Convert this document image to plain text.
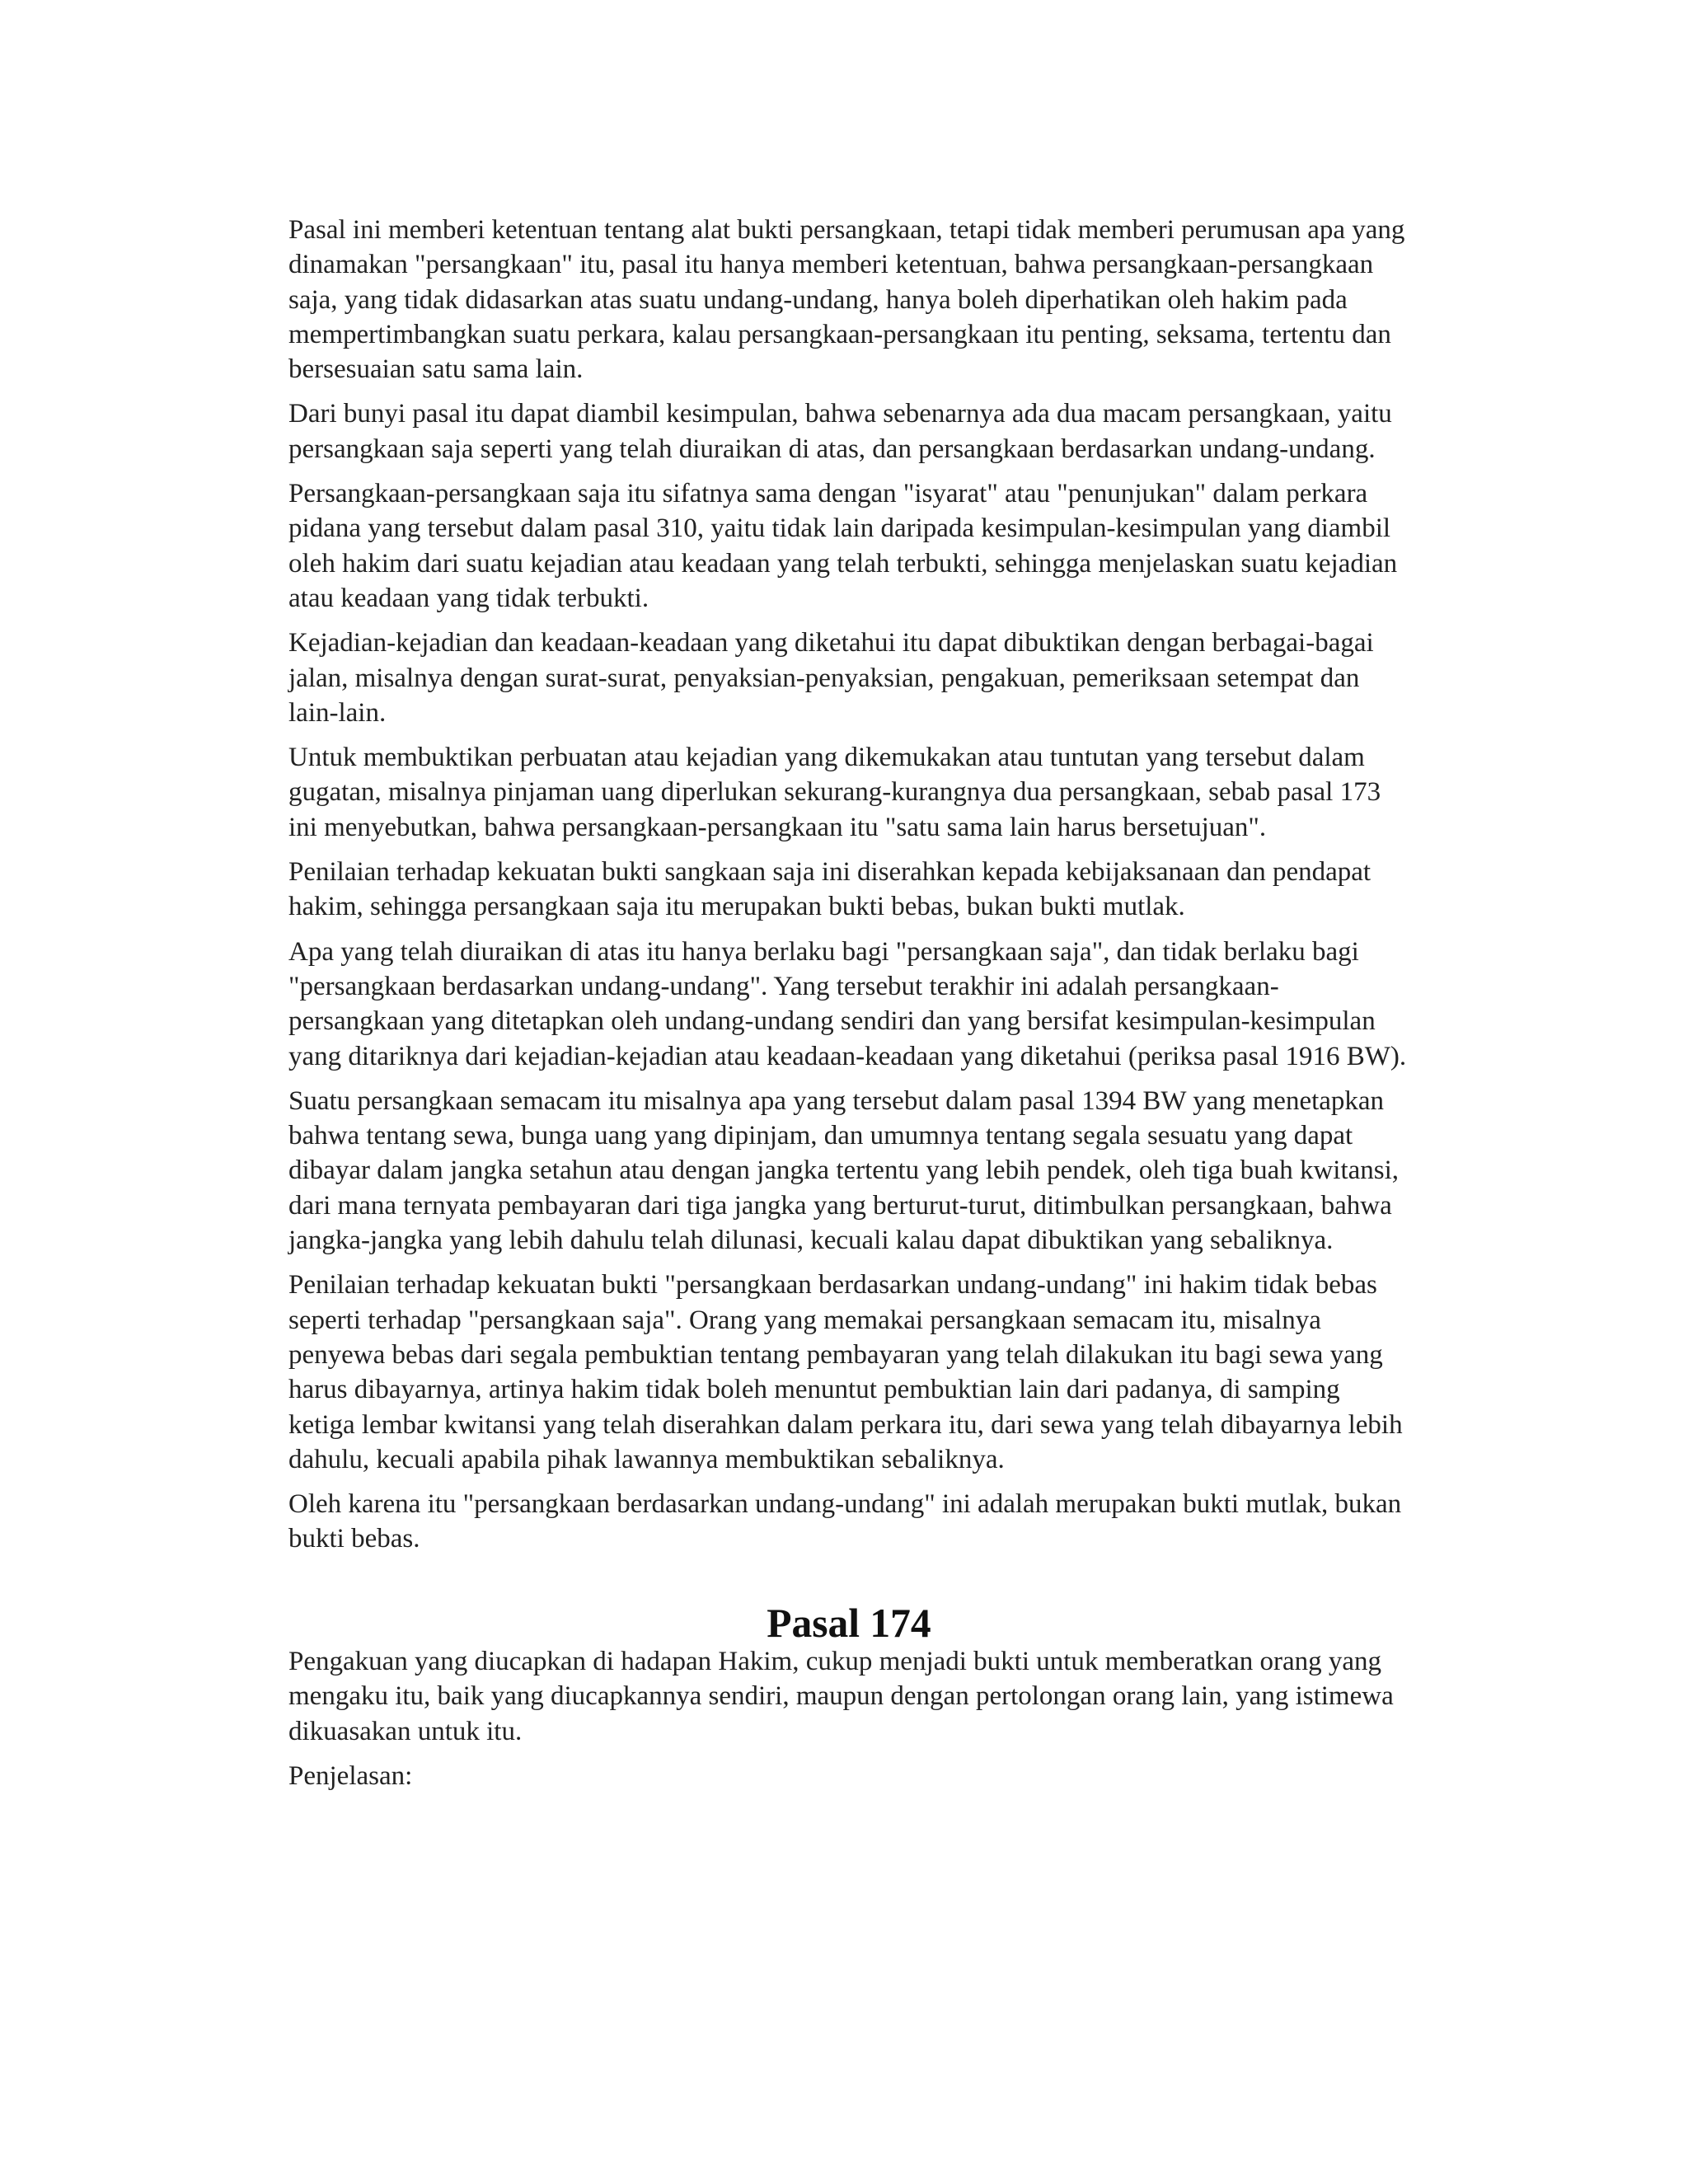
Pasal ini memberi ketentuan tentang alat bukti persangkaan, tetapi tidak memberi perumusan apa yang dinamakan "persangkaan" itu, pasal itu hanya memberi ketentuan, bahwa persangkaan-persangkaan saja, yang tidak didasarkan atas suatu undang-undang, hanya boleh diperhatikan oleh hakim pada mempertimbangkan suatu perkara, kalau persangkaan-persangkaan itu penting, seksama, tertentu dan bersesuaian satu sama lain.

Dari bunyi pasal itu dapat diambil kesimpulan, bahwa sebenarnya ada dua macam persangkaan, yaitu persangkaan saja seperti yang telah diuraikan di atas, dan persangkaan berdasarkan undang-undang.

Persangkaan-persangkaan saja itu sifatnya sama dengan "isyarat" atau "penunjukan" dalam perkara pidana yang tersebut dalam pasal 310, yaitu tidak lain daripada kesimpulan-kesimpulan yang diambil oleh hakim dari suatu kejadian atau keadaan yang telah terbukti, sehingga menjelaskan suatu kejadian atau keadaan yang tidak terbukti.

Kejadian-kejadian dan keadaan-keadaan yang diketahui itu dapat dibuktikan dengan berbagai-bagai jalan, misalnya dengan surat-surat, penyaksian-penyaksian, pengakuan, pemeriksaan setempat dan lain-lain.

Untuk membuktikan perbuatan atau kejadian yang dikemukakan atau tuntutan yang tersebut dalam gugatan, misalnya pinjaman uang diperlukan sekurang-kurangnya dua persangkaan, sebab pasal 173 ini menyebutkan, bahwa persangkaan-persangkaan itu "satu sama lain harus bersetujuan".

Penilaian terhadap kekuatan bukti sangkaan saja ini diserahkan kepada kebijaksanaan dan pendapat hakim, sehingga persangkaan saja itu merupakan bukti bebas, bukan bukti mutlak.

Apa yang telah diuraikan di atas itu hanya berlaku bagi "persangkaan saja", dan tidak berlaku bagi "persangkaan berdasarkan undang-undang". Yang tersebut terakhir ini adalah persangkaan-persangkaan yang ditetapkan oleh undang-undang sendiri dan yang bersifat kesimpulan-kesimpulan yang ditariknya dari kejadian-kejadian atau keadaan-keadaan yang diketahui (periksa pasal 1916 BW).

Suatu persangkaan semacam itu misalnya apa yang tersebut dalam pasal 1394 BW yang menetapkan bahwa tentang sewa, bunga uang yang dipinjam, dan umumnya tentang segala sesuatu yang dapat dibayar dalam jangka setahun atau dengan jangka tertentu yang lebih pendek, oleh tiga buah kwitansi, dari mana ternyata pembayaran dari tiga jangka yang berturut-turut, ditimbulkan persangkaan, bahwa jangka-jangka yang lebih dahulu telah dilunasi, kecuali kalau dapat dibuktikan yang sebaliknya.

Penilaian terhadap kekuatan bukti "persangkaan berdasarkan undang-undang" ini hakim tidak bebas seperti terhadap "persangkaan saja". Orang yang memakai persangkaan semacam itu, misalnya penyewa bebas dari segala pembuktian tentang pembayaran yang telah dilakukan itu bagi sewa yang harus dibayarnya, artinya hakim tidak boleh menuntut pembuktian lain dari padanya, di samping ketiga lembar kwitansi yang telah diserahkan dalam perkara itu, dari sewa yang telah dibayarnya lebih dahulu, kecuali apabila pihak lawannya membuktikan sebaliknya.

Oleh karena itu "persangkaan berdasarkan undang-undang" ini adalah merupakan bukti mutlak, bukan bukti bebas.

Pasal 174

Pengakuan yang diucapkan di hadapan Hakim, cukup menjadi bukti untuk memberatkan orang yang mengaku itu, baik yang diucapkannya sendiri, maupun dengan pertolongan orang lain, yang istimewa dikuasakan untuk itu.

Penjelasan:
